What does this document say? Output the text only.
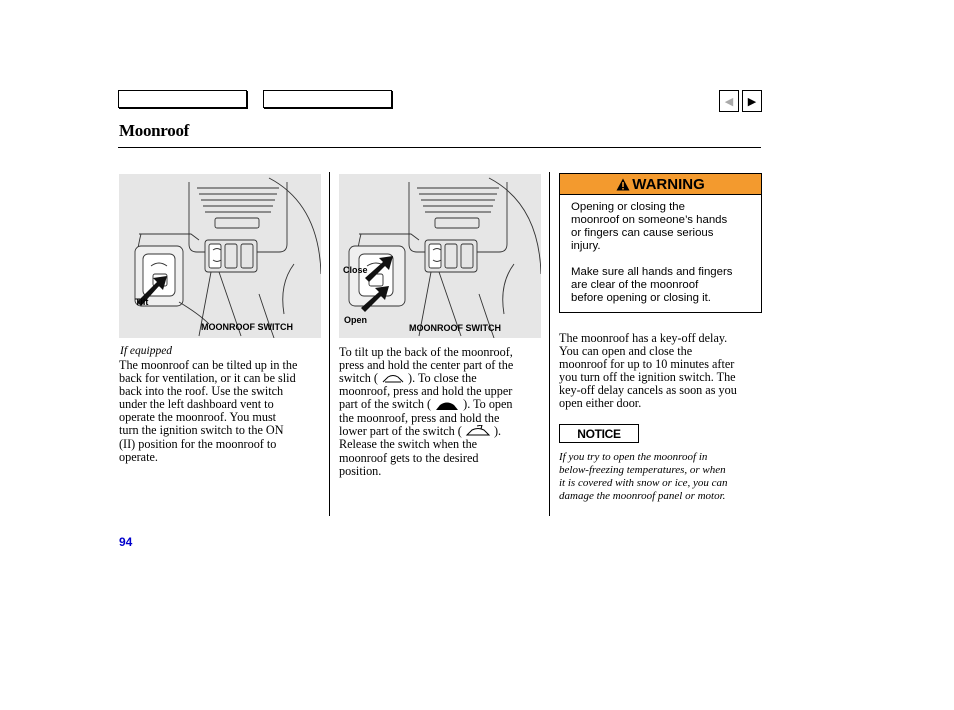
◀ ▶
Moonroof
Tilt
MOONROOF SWITCH
Close
Open
MOONROOF SWITCH
If equipped
The moonroof can be tilted up in the
back for ventilation, or it can be slid
back into the roof. Use the switch
under the left dashboard vent to
operate the moonroof. You must
turn the ignition switch to the ON
(II) position for the moonroof to
operate.
To tilt up the back of the moonroof,
press and hold the center part of the
switch ( ). To close the
moonroof, press and hold the upper
part of the switch (	). To open
the moonroof, press and hold the
lower part of the switch (	).
Release the switch when the
moonroof gets to the desired
position.
WARNING
Opening or closing the
moonroof on someone’s hands
or fingers can cause serious
injury.
Make sure all hands and fingers
are clear of the moonroof
before opening or closing it.
The moonroof has a key-off delay.
You can open and close the
moonroof for up to 10 minutes after
you turn off the ignition switch. The
key-off delay cancels as soon as you
open either door.
NOTICE
If you try to open the moonroof in
below-freezing temperatures, or when
it is covered with snow or ice, you can
damage the moonroof panel or motor.
94
